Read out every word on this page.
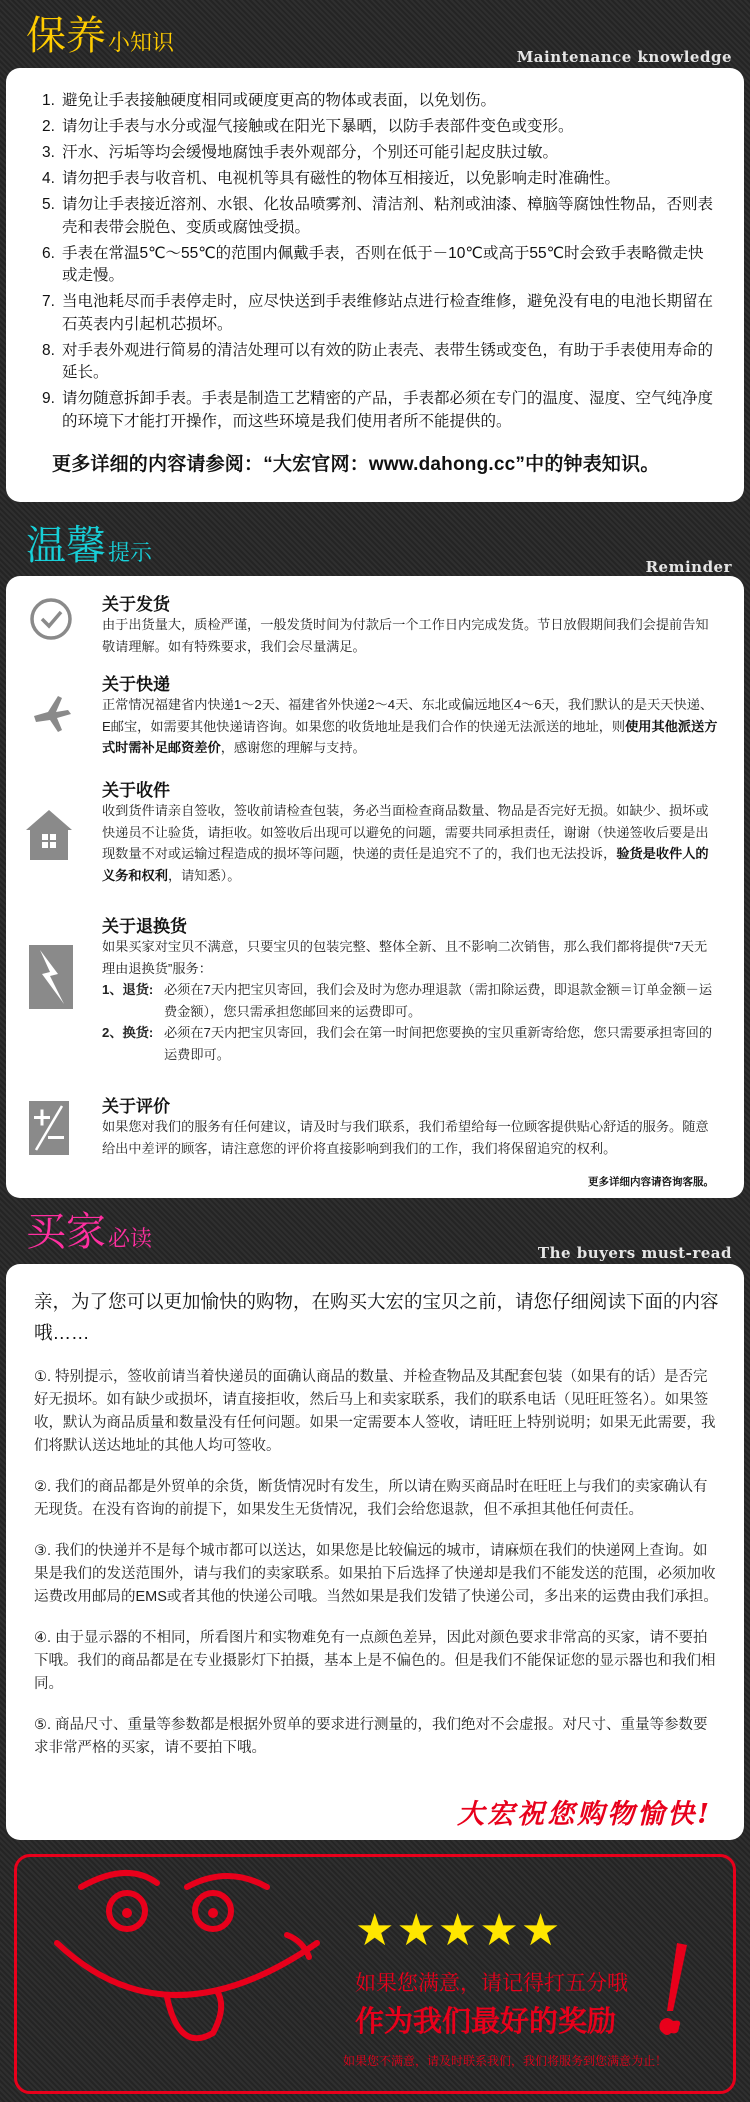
保养 小知识
Maintenance knowledge
1. 避免让手表接触硬度相同或硬度更高的物体或表面，以免划伤。
2. 请勿让手表与水分或湿气接触或在阳光下暴晒，以防手表部件变色或变形。
3. 汗水、污垢等均会缓慢地腐蚀手表外观部分，个别还可能引起皮肤过敏。
4. 请勿把手表与收音机、电视机等具有磁性的物体互相接近，以免影响走时准确性。
5. 请勿让手表接近溶剂、水银、化妆品喷雾剂、清洁剂、粘剂或油漆、樟脑等腐蚀性物品，否则表壳和表带会脱色、变质或腐蚀受损。
6. 手表在常温5℃～55℃的范围内佩戴手表，否则在低于－10℃或高于55℃时会致手表略微走快或走慢。
7. 当电池耗尽而手表停走时，应尽快送到手表维修站点进行检查维修，避免没有电的电池长期留在石英表内引起机芯损坏。
8. 对手表外观进行简易的清洁处理可以有效的防止表壳、表带生锈或变色，有助于手表使用寿命的延长。
9. 请勿随意拆卸手表。手表是制造工艺精密的产品，手表都必须在专门的温度、湿度、空气纯净度的环境下才能打开操作，而这些环境是我们使用者所不能提供的。
更多详细的内容请参阅：“大宏官网：www.dahong.cc”中的钟表知识。
温馨 提示
Reminder
关于发货
由于出货量大，质检严谨，一般发货时间为付款后一个工作日内完成发货。节日放假期间我们会提前告知敬请理解。如有特殊要求，我们会尽量满足。
关于快递
正常情况福建省内快递1～2天、福建省外快递2～4天、东北或偏远地区4～6天，我们默认的是天天快递、E邮宝，如需要其他快递请咨询。如果您的收货地址是我们合作的快递无法派送的地址，则使用其他派送方式时需补足邮资差价，感谢您的理解与支持。
关于收件
收到货件请亲自签收，签收前请检查包装，务必当面检查商品数量、物品是否完好无损。如缺少、损坏或快递员不让验货，请拒收。如签收后出现可以避免的问题，需要共同承担责任，谢谢（快递签收后要是出现数量不对或运输过程造成的损坏等问题，快递的责任是追究不了的，我们也无法投诉，验货是收件人的义务和权利，请知悉）。
关于退换货
如果买家对宝贝不满意，只要宝贝的包装完整、整体全新、且不影响二次销售，那么我们都将提供“7天无理由退换货”服务：
1、退货: 必须在7天内把宝贝寄回，我们会及时为您办理退款（需扣除运费，即退款金额＝订单金额－运费金额），您只需承担您邮回来的运费即可。
2、换货: 必须在7天内把宝贝寄回，我们会在第一时间把您要换的宝贝重新寄给您，您只需要承担寄回的运费即可。
关于评价
如果您对我们的服务有任何建议，请及时与我们联系，我们希望给每一位顾客提供贴心舒适的服务。随意给出中差评的顾客，请注意您的评价将直接影响到我们的工作，我们将保留追究的权利。
更多详细内容请咨询客服。
买家 必读
The buyers must-read
亲，为了您可以更加愉快的购物，在购买大宏的宝贝之前，请您仔细阅读下面的内容哦……
①. 特别提示，签收前请当着快递员的面确认商品的数量、并检查物品及其配套包装（如果有的话）是否完好无损坏。如有缺少或损坏，请直接拒收，然后马上和卖家联系，我们的联系电话（见旺旺签名）。如果签收，默认为商品质量和数量没有任何问题。如果一定需要本人签收，请旺旺上特别说明；如果无此需要，我们将默认送达地址的其他人均可签收。
②. 我们的商品都是外贸单的余货，断货情况时有发生，所以请在购买商品时在旺旺上与我们的卖家确认有无现货。在没有咨询的前提下，如果发生无货情况，我们会给您退款，但不承担其他任何责任。
③. 我们的快递并不是每个城市都可以送达，如果您是比较偏远的城市，请麻烦在我们的快递网上查询。如果是我们的发送范围外，请与我们的卖家联系。如果拍下后选择了快递却是我们不能发送的范围，必须加收运费改用邮局的EMS或者其他的快递公司哦。当然如果是我们发错了快递公司，多出来的运费由我们承担。
④. 由于显示器的不相同，所看图片和实物难免有一点颜色差异，因此对颜色要求非常高的买家，请不要拍下哦。我们的商品都是在专业摄影灯下拍摄，基本上是不偏色的。但是我们不能保证您的显示器也和我们相同。
⑤. 商品尺寸、重量等参数都是根据外贸单的要求进行测量的，我们绝对不会虚报。对尺寸、重量等参数要求非常严格的买家，请不要拍下哦。
大宏祝您购物愉快!
★★★★★
如果您满意，请记得打五分哦
作为我们最好的奖励
如果您不满意，请及时联系我们，我们将服务到您满意为止！
